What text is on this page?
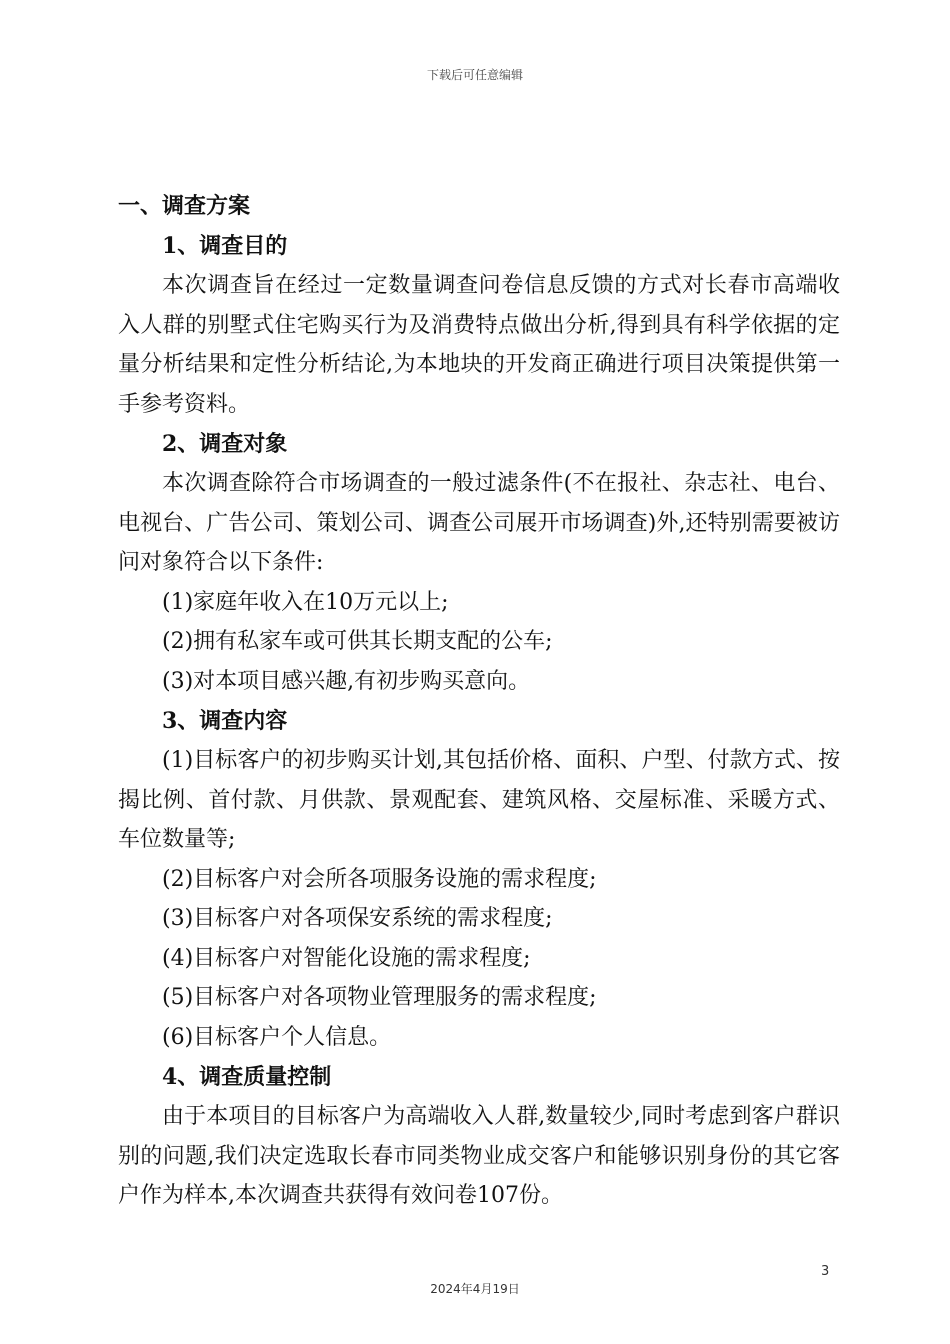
下载后可任意编辑
一、调查方案
1、调查目的
本次调查旨在经过一定数量调查问卷信息反馈的方式对长春市高端收入人群的别墅式住宅购买行为及消费特点做出分析,得到具有科学依据的定量分析结果和定性分析结论,为本地块的开发商正确进行项目决策提供第一手参考资料。
2、调查对象
本次调查除符合市场调查的一般过滤条件(不在报社、杂志社、电台、电视台、广告公司、策划公司、调查公司展开市场调查)外,还特别需要被访问对象符合以下条件:
(1)家庭年收入在10万元以上;
(2)拥有私家车或可供其长期支配的公车;
(3)对本项目感兴趣,有初步购买意向。
3、调查内容
(1)目标客户的初步购买计划,其包括价格、面积、户型、付款方式、按揭比例、首付款、月供款、景观配套、建筑风格、交屋标准、采暖方式、车位数量等;
(2)目标客户对会所各项服务设施的需求程度;
(3)目标客户对各项保安系统的需求程度;
(4)目标客户对智能化设施的需求程度;
(5)目标客户对各项物业管理服务的需求程度;
(6)目标客户个人信息。
4、调查质量控制
由于本项目的目标客户为高端收入人群,数量较少,同时考虑到客户群识别的问题,我们决定选取长春市同类物业成交客户和能够识别身份的其它客户作为样本,本次调查共获得有效问卷107份。
3
2024年4月19日
